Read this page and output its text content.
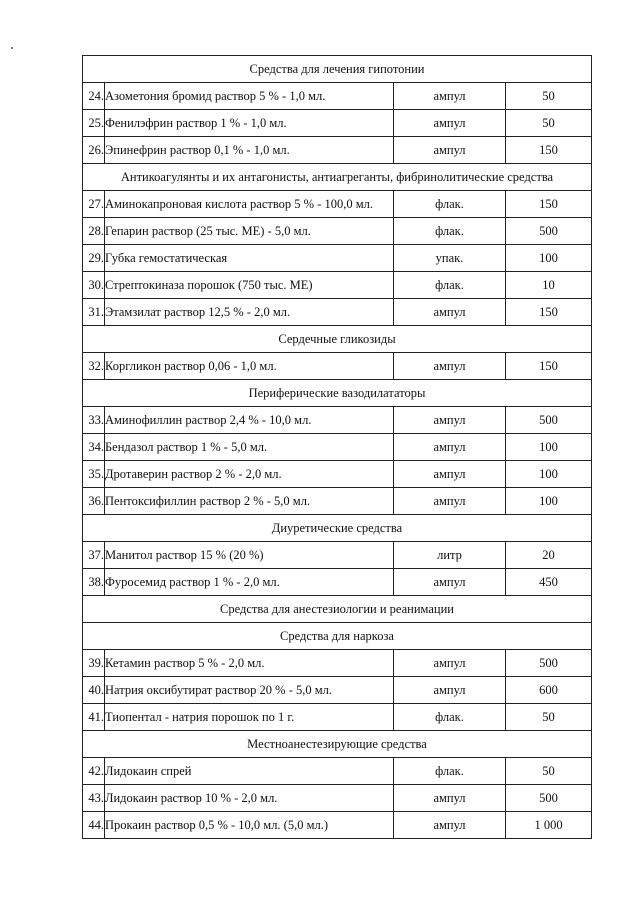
Средства для лечения гипотонии			
24.	Азометония бромид раствор 5 % - 1,0 мл.	ампул	50
25.	Фенилэфрин раствор 1 % - 1,0 мл.	ампул	50
26.	Эпинефрин раствор 0,1 % - 1,0 мл.	ампул	150
Антикоагулянты и их антагонисты, антиагреганты, фибринолитические средства			
27.	Аминокапроновая кислота раствор 5 % - 100,0 мл.	флак.	150
28.	Гепарин раствор (25 тыс. МЕ) - 5,0 мл.	флак.	500
29.	Губка гемостатическая	упак.	100
30.	Стрептокиназа порошок (750 тыс. МЕ)	флак.	10
31.	Этамзилат раствор 12,5 % - 2,0 мл.	ампул	150
Сердечные гликозиды			
32.	Коргликон раствор 0,06 - 1,0 мл.	ампул	150
Периферические вазодилататоры			
33.	Аминофиллин раствор 2,4 % - 10,0 мл.	ампул	500
34.	Бендазол раствор 1 % - 5,0 мл.	ампул	100
35.	Дротаверин раствор 2 % - 2,0 мл.	ампул	100
36.	Пентоксифиллин раствор 2 % - 5,0 мл.	ампул	100
Диуретические средства			
37.	Манитол раствор 15 % (20 %)	литр	20
38.	Фуросемид раствор 1 % - 2,0 мл.	ампул	450
Средства для анестезиологии и реанимации			
Средства для наркоза			
39.	Кетамин раствор 5 % - 2,0 мл.	ампул	500
40.	Натрия оксибутират раствор 20 % - 5,0 мл.	ампул	600
41.	Тиопентал - натрия порошок по 1 г.	флак.	50
Местноанестезирующие средства			
42.	Лидокаин спрей	флак.	50
43.	Лидокаин раствор 10 % - 2,0 мл.	ампул	500
44.	Прокаин раствор 0,5 % - 10,0 мл. (5,0 мл.)	ампул	1 000
